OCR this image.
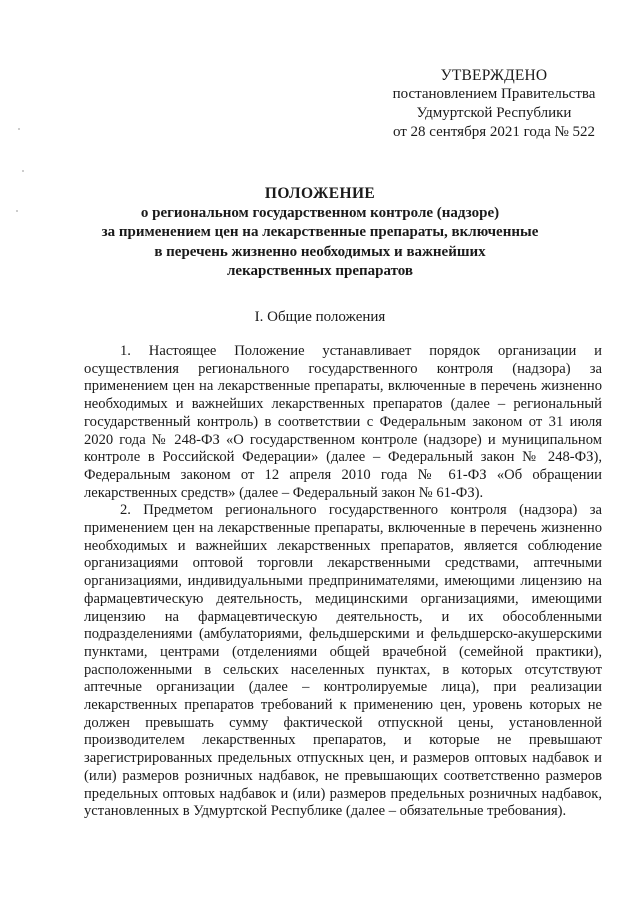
УТВЕРЖДЕНО
постановлением Правительства
Удмуртской Республики
от 28 сентября 2021 года № 522
ПОЛОЖЕНИЕ
о региональном государственном контроле (надзоре)
за применением цен на лекарственные препараты, включенные
в перечень жизненно необходимых и важнейших
лекарственных препаратов
I. Общие положения

1. Настоящее Положение устанавливает порядок организации и осуществления регионального государственного контроля (надзора) за применением цен на лекарственные препараты, включенные в перечень жизненно необходимых и важнейших лекарственных препаратов (далее – региональный государственный контроль) в соответствии с Федеральным законом от 31 июля 2020 года № 248-ФЗ «О государственном контроле (надзоре) и муниципальном контроле в Российской Федерации» (далее – Федеральный закон № 248-ФЗ), Федеральным законом от 12 апреля 2010 года № 61-ФЗ «Об обращении лекарственных средств» (далее – Федеральный закон № 61-ФЗ).

2. Предметом регионального государственного контроля (надзора) за применением цен на лекарственные препараты, включенные в перечень жизненно необходимых и важнейших лекарственных препаратов, является соблюдение организациями оптовой торговли лекарственными средствами, аптечными организациями, индивидуальными предпринимателями, имеющими лицензию на фармацевтическую деятельность, медицинскими организациями, имеющими лицензию на фармацевтическую деятельность, и их обособленными подразделениями (амбулаториями, фельдшерскими и фельдшерско-акушерскими пунктами, центрами (отделениями общей врачебной (семейной практики), расположенными в сельских населенных пунктах, в которых отсутствуют аптечные организации (далее – контролируемые лица), при реализации лекарственных препаратов требований к применению цен, уровень которых не должен превышать сумму фактической отпускной цены, установленной производителем лекарственных препаратов, и которые не превышают зарегистрированных предельных отпускных цен, и размеров оптовых надбавок и (или) размеров розничных надбавок, не превышающих соответственно размеров предельных оптовых надбавок и (или) размеров предельных розничных надбавок, установленных в Удмуртской Республике (далее – обязательные требования).
